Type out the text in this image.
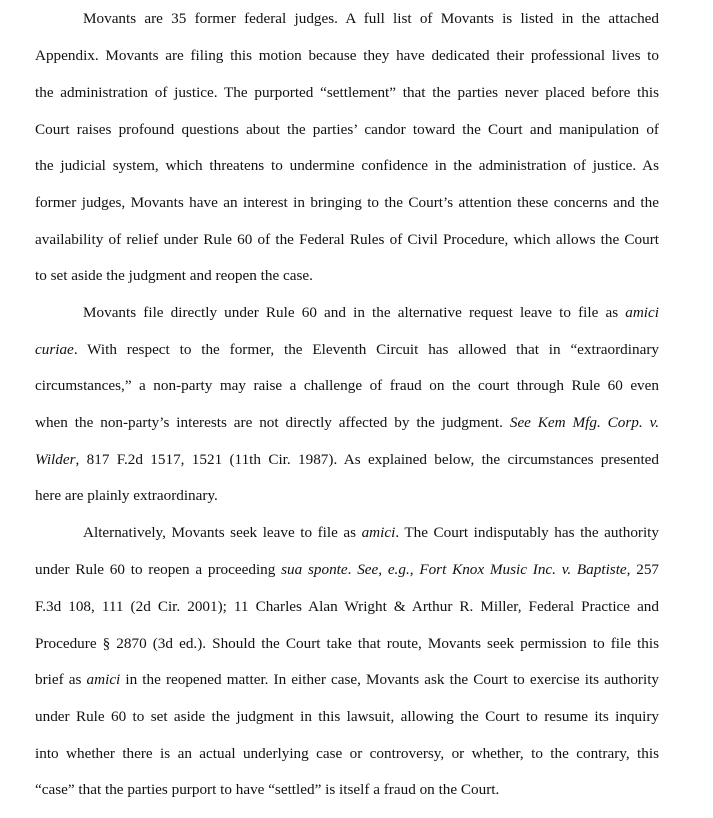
Movants are 35 former federal judges. A full list of Movants is listed in the attached
Appendix. Movants are filing this motion because they have dedicated their professional lives to
the administration of justice. The purported “settlement” that the parties never placed before this
Court raises profound questions about the parties’ candor toward the Court and manipulation of
the judicial system, which threatens to undermine confidence in the administration of justice. As
former judges, Movants have an interest in bringing to the Court’s attention these concerns and the
availability of relief under Rule 60 of the Federal Rules of Civil Procedure, which allows the Court
to set aside the judgment and reopen the case.
Movants file directly under Rule 60 and in the alternative request leave to file as amici
curiae. With respect to the former, the Eleventh Circuit has allowed that in “extraordinary
circumstances,” a non-party may raise a challenge of fraud on the court through Rule 60 even
when the non-party’s interests are not directly affected by the judgment. See Kem Mfg. Corp. v.
Wilder, 817 F.2d 1517, 1521 (11th Cir. 1987). As explained below, the circumstances presented
here are plainly extraordinary.
Alternatively, Movants seek leave to file as amici. The Court indisputably has the authority
under Rule 60 to reopen a proceeding sua sponte. See, e.g., Fort Knox Music Inc. v. Baptiste, 257
F.3d 108, 111 (2d Cir. 2001); 11 Charles Alan Wright & Arthur R. Miller, Federal Practice and
Procedure § 2870 (3d ed.). Should the Court take that route, Movants seek permission to file this
brief as amici in the reopened matter. In either case, Movants ask the Court to exercise its authority
under Rule 60 to set aside the judgment in this lawsuit, allowing the Court to resume its inquiry
into whether there is an actual underlying case or controversy, or whether, to the contrary, this
“case” that the parties purport to have “settled” is itself a fraud on the Court.
